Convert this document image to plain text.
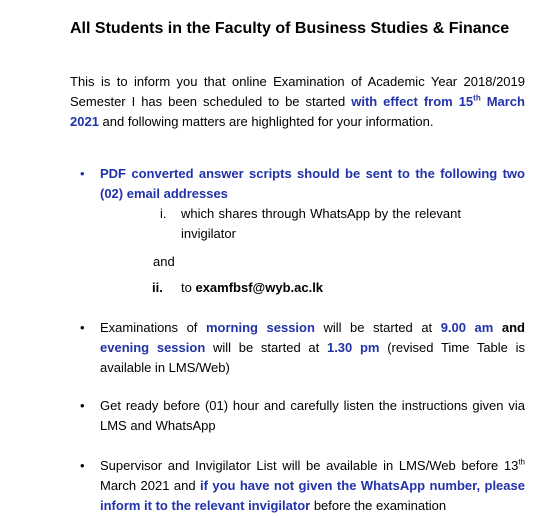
All Students in the Faculty of Business Studies & Finance

This is to inform you that online Examination of Academic Year 2018/2019 Semester I has been scheduled to be started with effect from 15th March 2021 and following matters are highlighted for your information.

•	PDF converted answer scripts should be sent to the following two (02) email addresses

i. which shares through WhatsApp by the relevant invigilator

and
ii. to examfbsf@wyb.ac.lk

•	Examinations of morning session will be started at 9.00 am and evening session will be started at 1.30 pm (revised Time Table is available in LMS/Web)

•	Get ready before (01) hour and carefully listen the instructions given via LMS and WhatsApp

•	Supervisor and Invigilator List will be available in LMS/Web before 13th March 2021 and if you have not given the WhatsApp number, please inform it to the relevant invigilator before the examination
